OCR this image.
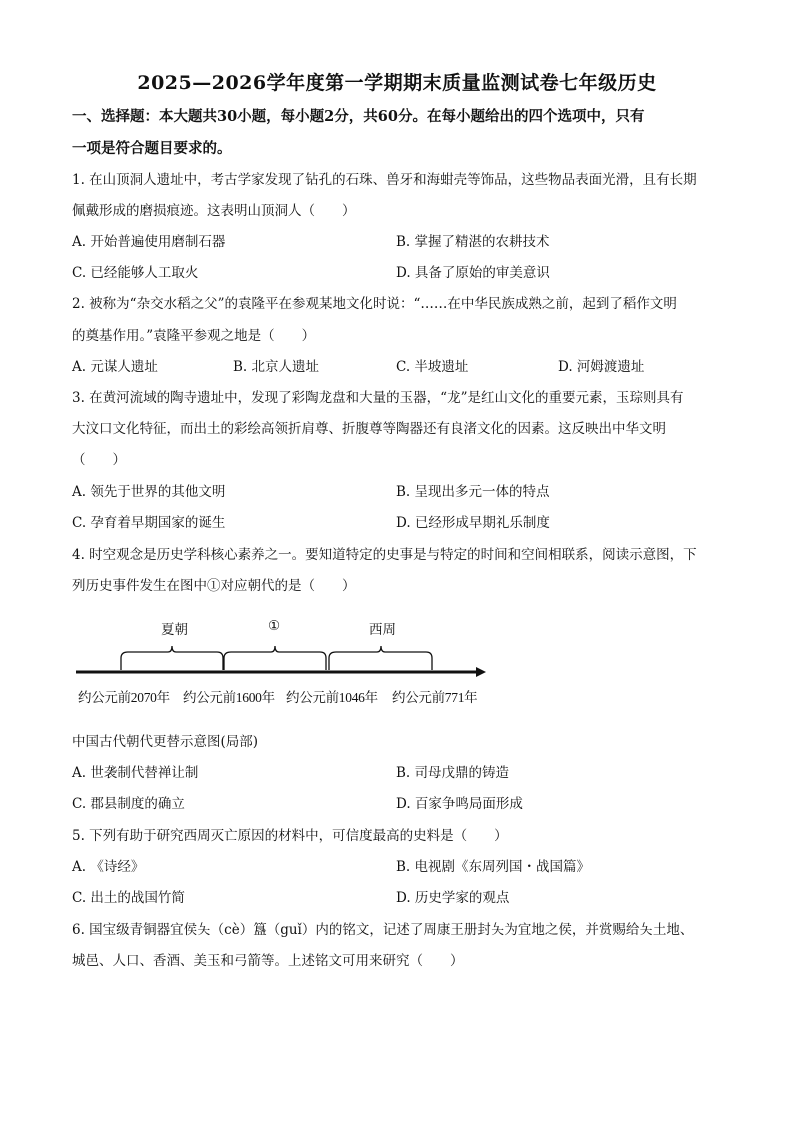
2025—2026学年度第一学期期末质量监测试卷七年级历史
一、选择题：本大题共30小题，每小题2分，共60分。在每小题给出的四个选项中，只有
一项是符合题目要求的。
1. 在山顶洞人遗址中，考古学家发现了钻孔的石珠、兽牙和海蚶壳等饰品，这些物品表面光滑，且有长期
佩戴形成的磨损痕迹。这表明山顶洞人（　　）
A. 开始普遍使用磨制石器	B. 掌握了精湛的农耕技术
C. 已经能够人工取火	D. 具备了原始的审美意识
2. 被称为“杂交水稻之父”的袁隆平在参观某地文化时说：“……在中华民族成熟之前，起到了稻作文明
的奠基作用。”袁隆平参观之地是（　　）
A. 元谋人遗址	B. 北京人遗址	C. 半坡遗址	D. 河姆渡遗址
3. 在黄河流域的陶寺遗址中，发现了彩陶龙盘和大量的玉器，“龙”是红山文化的重要元素，玉琮则具有
大汶口文化特征，而出土的彩绘高领折肩尊、折腹尊等陶器还有良渚文化的因素。这反映出中华文明
（　　）
A. 领先于世界的其他文明	B. 呈现出多元一体的特点
C. 孕育着早期国家的诞生	D. 已经形成早期礼乐制度
4. 时空观念是历史学科核心素养之一。要知道特定的史事是与特定的时间和空间相联系，阅读示意图，下
列历史事件发生在图中①对应朝代的是（　　）
夏朝	①	西周
约公元前2070年 约公元前1600年 约公元前1046年 约公元前771年
中国古代朝代更替示意图(局部)
A. 世袭制代替禅让制	B. 司母戊鼎的铸造
C. 郡县制度的确立	D. 百家争鸣局面形成
5. 下列有助于研究西周灭亡原因的材料中，可信度最高的史料是（　　）
A. 《诗经》	B. 电视剧《东周列国・战国篇》
C. 出土的战国竹简	D. 历史学家的观点
6. 国宝级青铜器宜侯夨（cè）簋（guǐ）内的铭文，记述了周康王册封夨为宜地之侯，并赏赐给夨土地、
城邑、人口、香酒、美玉和弓箭等。上述铭文可用来研究（　　）
